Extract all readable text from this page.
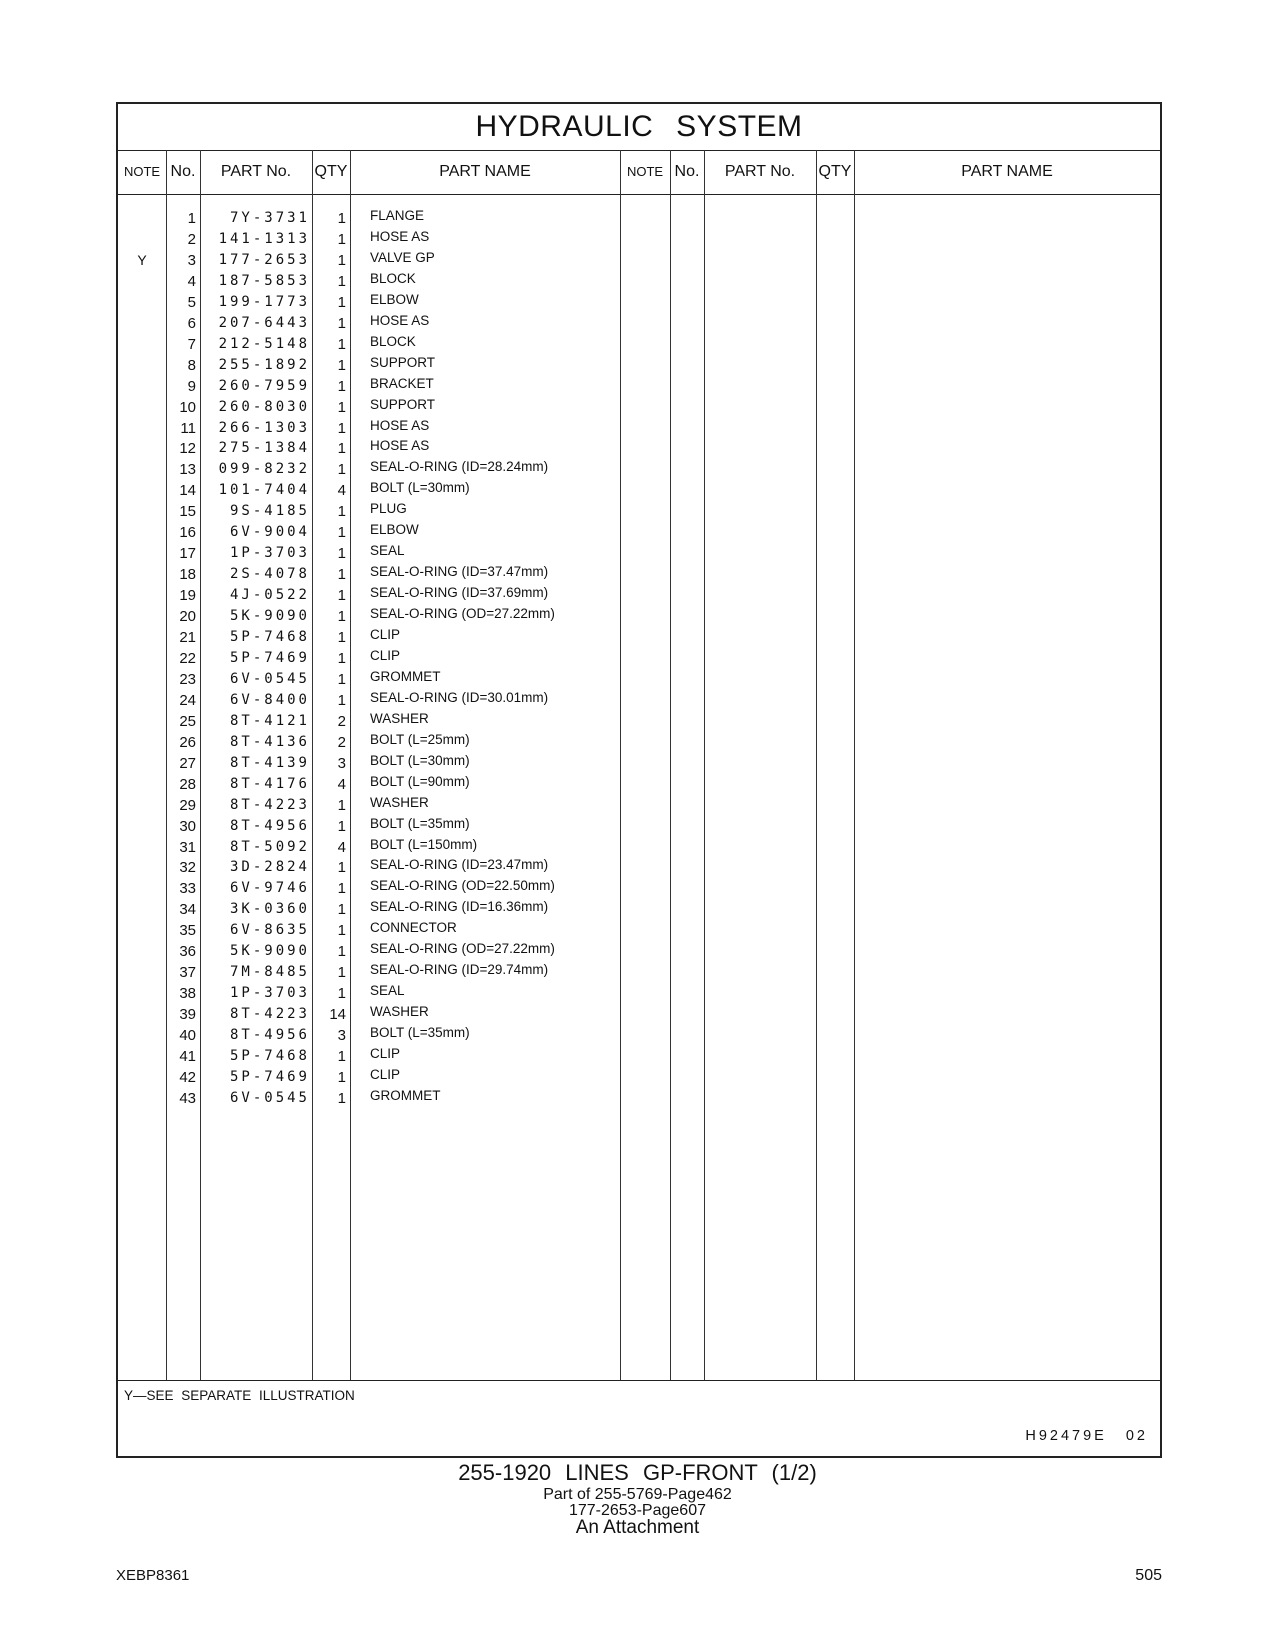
HYDRAULIC SYSTEM
NOTE No.	PART No.	QTY	PART NAME	NOTE No.	PART No.	QTY	PART NAME
1	7Y-3731	1 FLANGE
2	141-1313	1 HOSE AS
Y	3	177-2653	1 VALVE GP
4	187-5853	1 BLOCK
5	199-1773	1 ELBOW
6	207-6443	1 HOSE AS
7	212-5148	1 BLOCK
8	255-1892	1 SUPPORT
9	260-7959	1 BRACKET
10	260-8030	1 SUPPORT
11	266-1303	1 HOSE AS
12	275-1384	1 HOSE AS
13	099-8232	1 SEAL-O-RING (ID=28.24mm)
14	101-7404	4 BOLT (L=30mm)
15	9S-4185	1 PLUG
16	6V-9004	1 ELBOW
17	1P-3703	1 SEAL
18	2S-4078	1 SEAL-O-RING (ID=37.47mm)
19	4J-0522	1 SEAL-O-RING (ID=37.69mm)
20	5K-9090	1 SEAL-O-RING (OD=27.22mm)
21	5P-7468	1 CLIP
22	5P-7469	1 CLIP
23	6V-0545	1 GROMMET
24	6V-8400	1 SEAL-O-RING (ID=30.01mm)
25	8T-4121	2 WASHER
26	8T-4136	2 BOLT (L=25mm)
27	8T-4139	3 BOLT (L=30mm)
28	8T-4176	4 BOLT (L=90mm)
29	8T-4223	1 WASHER
30	8T-4956	1 BOLT (L=35mm)
31	8T-5092	4 BOLT (L=150mm)
32	3D-2824	1 SEAL-O-RING (ID=23.47mm)
33	6V-9746	1 SEAL-O-RING (OD=22.50mm)
34	3K-0360	1 SEAL-O-RING (ID=16.36mm)
35	6V-8635	1 CONNECTOR
36	5K-9090	1 SEAL-O-RING (OD=27.22mm)
37	7M-8485	1 SEAL-O-RING (ID=29.74mm)
38	1P-3703	1 SEAL
39	8T-4223	14 WASHER
40	8T-4956	3 BOLT (L=35mm)
41	5P-7468	1 CLIP
42	5P-7469	1 CLIP
43	6V-0545	1 GROMMET
Y—SEE SEPARATE ILLUSTRATION
H92479E 02
255-1920 LINES GP-FRONT (1/2)
Part of 255-5769-Page462
177-2653-Page607
An Attachment
XEBP8361	505
